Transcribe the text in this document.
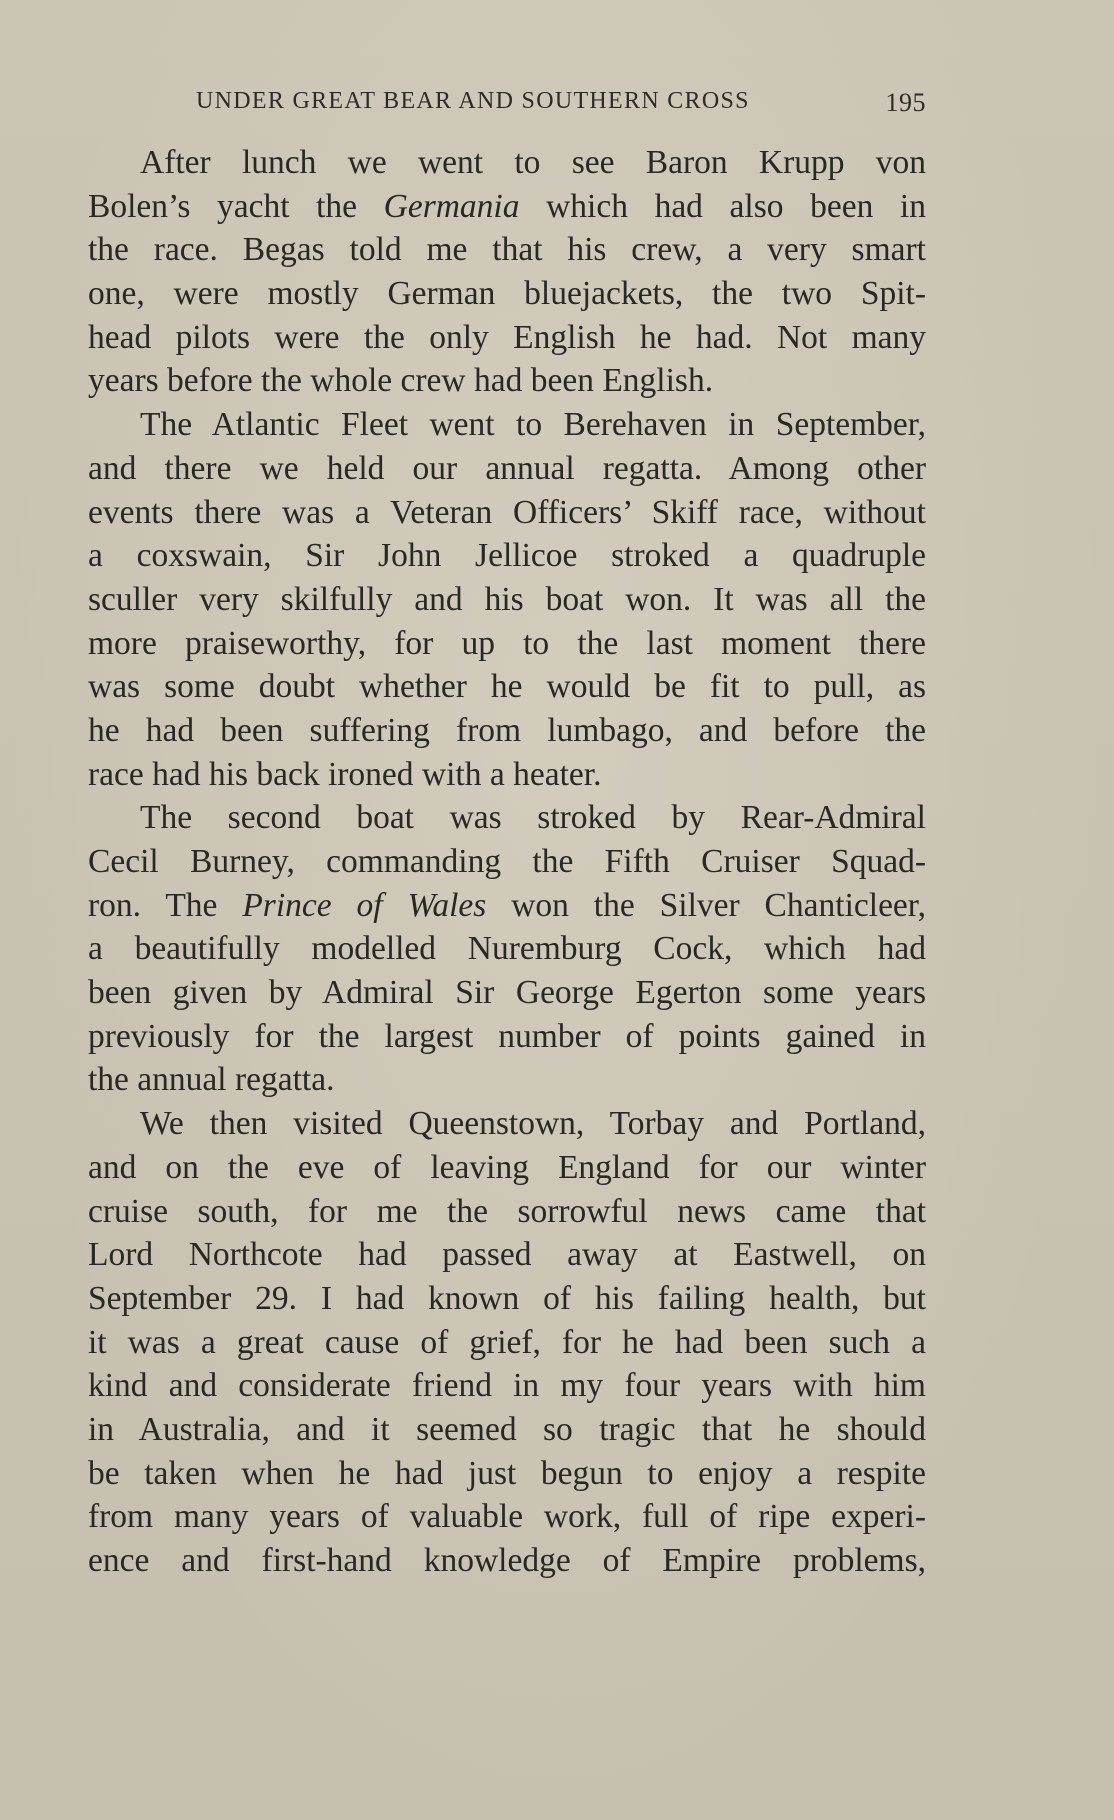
UNDER GREAT BEAR AND SOUTHERN CROSS	195
After lunch we went to see Baron Krupp von
Bolen’s yacht the Germania which had also been in
the race. Begas told me that his crew, a very smart
one, were mostly German bluejackets, the two Spit-
head pilots were the only English he had. Not many
years before the whole crew had been English.
The Atlantic Fleet went to Berehaven in September,
and there we held our annual regatta. Among other
events there was a Veteran Officers’ Skiff race, without
a coxswain, Sir John Jellicoe stroked a quadruple
sculler very skilfully and his boat won. It was all the
more praiseworthy, for up to the last moment there
was some doubt whether he would be fit to pull, as
he had been suffering from lumbago, and before the
race had his back ironed with a heater.
The second boat was stroked by Rear-Admiral
Cecil Burney, commanding the Fifth Cruiser Squad-
ron. The Prince of Wales won the Silver Chanticleer,
a beautifully modelled Nuremburg Cock, which had
been given by Admiral Sir George Egerton some years
previously for the largest number of points gained in
the annual regatta.
We then visited Queenstown, Torbay and Portland,
and on the eve of leaving England for our winter
cruise south, for me the sorrowful news came that
Lord Northcote had passed away at Eastwell, on
September 29. I had known of his failing health, but
it was a great cause of grief, for he had been such a
kind and considerate friend in my four years with him
in Australia, and it seemed so tragic that he should
be taken when he had just begun to enjoy a respite
from many years of valuable work, full of ripe experi-
ence and first-hand knowledge of Empire problems,
